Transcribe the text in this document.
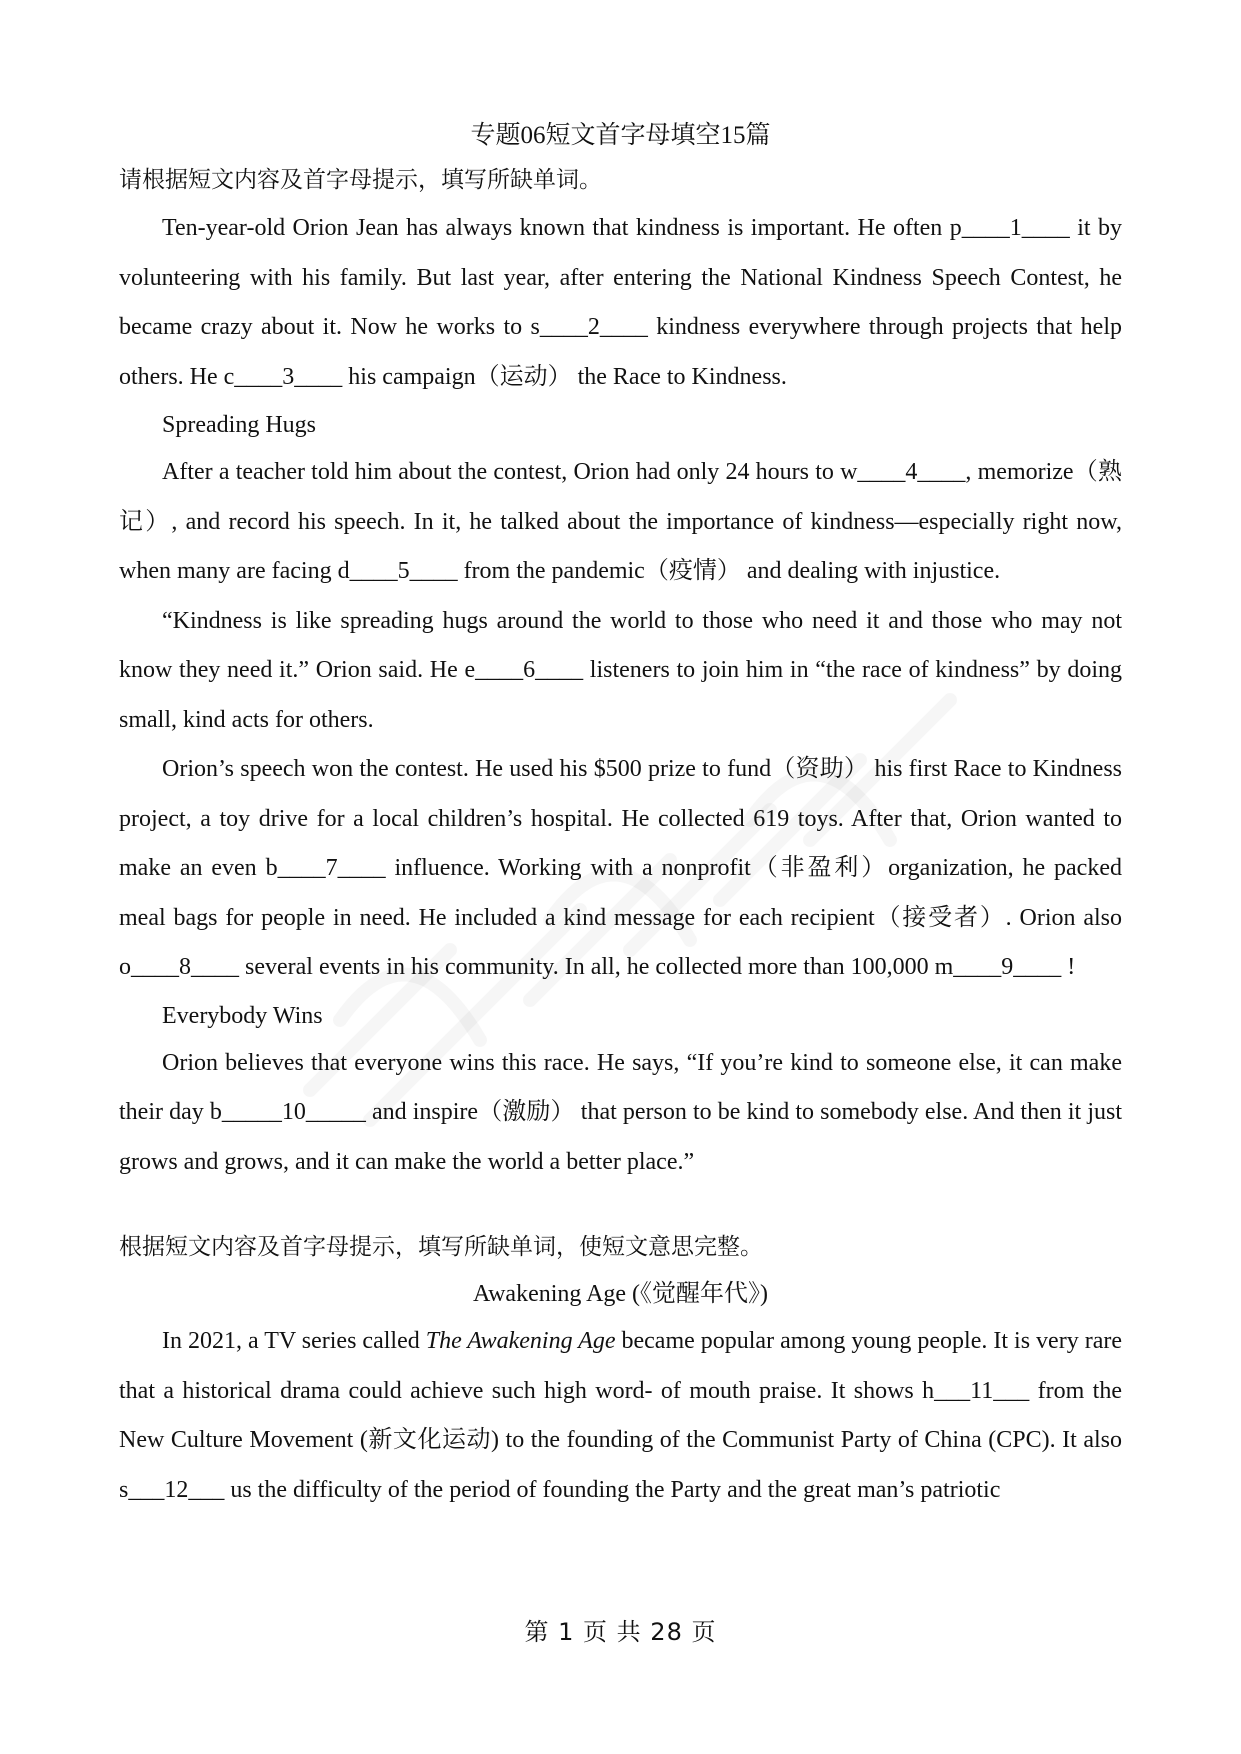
专题06短文首字母填空15篇
请根据短文内容及首字母提示，填写所缺单词。

Ten-year-old Orion Jean has always known that kindness is important. He often p____1____ it by volunteering with his family. But last year, after entering the National Kindness Speech Contest, he became crazy about it. Now he works to s____2____ kindness everywhere through projects that help others. He c____3____ his campaign（运动） the Race to Kindness.

Spreading Hugs

After a teacher told him about the contest, Orion had only 24 hours to w____4____, memorize（熟记）, and record his speech. In it, he talked about the importance of kindness—especially right now, when many are facing d____5____ from the pandemic（疫情） and dealing with injustice.

“Kindness is like spreading hugs around the world to those who need it and those who may not know they need it.” Orion said. He e____6____ listeners to join him in “the race of kindness” by doing small, kind acts for others.

Orion’s speech won the contest. He used his $500 prize to fund（资助） his first Race to Kindness project, a toy drive for a local children’s hospital. He collected 619 toys. After that, Orion wanted to make an even b____7____ influence. Working with a nonprofit（非盈利）organization, he packed meal bags for people in need. He included a kind message for each recipient（接受者）. Orion also o____8____ several events in his community. In all, he collected more than 100,000 m____9____ !

Everybody Wins

Orion believes that everyone wins this race. He says, “If you’re kind to someone else, it can make their day b_____10_____ and inspire（激励） that person to be kind to somebody else. And then it just grows and grows, and it can make the world a better place.”

根据短文内容及首字母提示，填写所缺单词，使短文意思完整。

Awakening Age (《觉醒年代》)

In 2021, a TV series called The Awakening Age became popular among young people. It is very rare that a historical drama could achieve such high word- of mouth praise. It shows h___11___ from the New Culture Movement (新文化运动) to the founding of the Communist Party of China (CPC). It also s___12___ us the difficulty of the period of founding the Party and the great man’s patriotic

第 1 页 共 28 页
